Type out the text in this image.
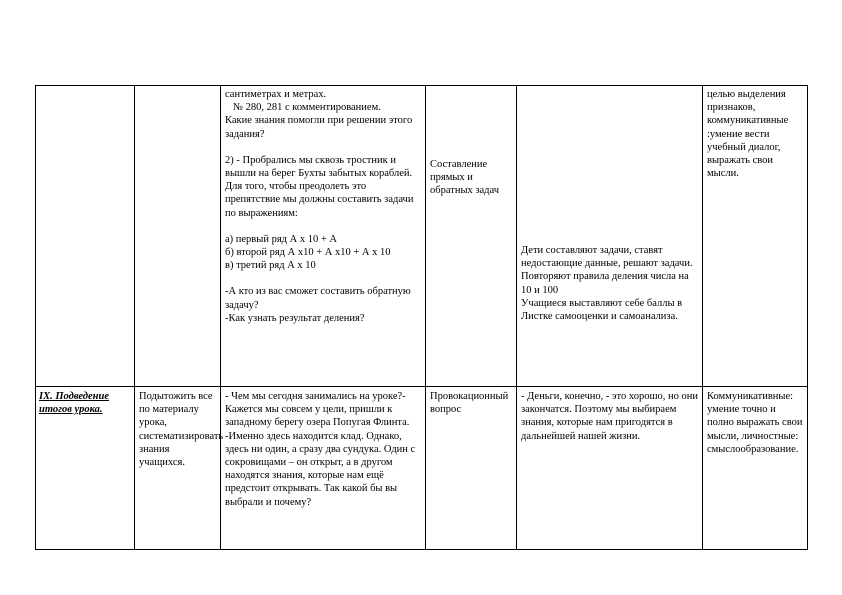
сантиметрах и метрах.

№ 280, 281 с комментированием.

Какие знания помогли при решении этого задания?

2) - Пробрались мы сквозь тростник и вышли на берег Бухты забытых кораблей. Для того, чтобы преодолеть это препятствие мы должны составить задачи по выражениям:

а) первый ряд А х 10 + А

б) второй ряд А х10 + А х10 + А х 10

в) третий ряд А х 10

-А кто из вас сможет составить обратную задачу?

-Как узнать результат деления?

Составление прямых и обратных задач

Дети составляют задачи, ставят недостающие данные, решают задачи.

Повторяют правила деления числа на 10 и 100

Учащиеся выставляют себе баллы в Листке самооценки и самоанализа.

целью выделения признаков, коммуникативные :умение вести учебный диалог, выражать свои мысли.

IX. Подведение итогов урока.

Подытожить все по материалу урока, систематизировать знания учащихся.

- Чем мы сегодня занимались на уроке?- Кажется мы совсем у цели, пришли к западному берегу озера Попугая Флинта. -Именно здесь находится клад. Однако, здесь ни один, а сразу два сундука. Один с сокровищами – он открыт, а в другом находятся знания, которые нам ещё предстоит открывать. Так какой бы вы выбрали и почему?

Провокационный вопрос

- Деньги, конечно, - это хорошо, но они закончатся. Поэтому мы выбираем знания, которые нам пригодятся в дальнейшей нашей жизни.

Коммуникативные: умение точно и полно выражать свои мысли, личностные: смыслообразование.
